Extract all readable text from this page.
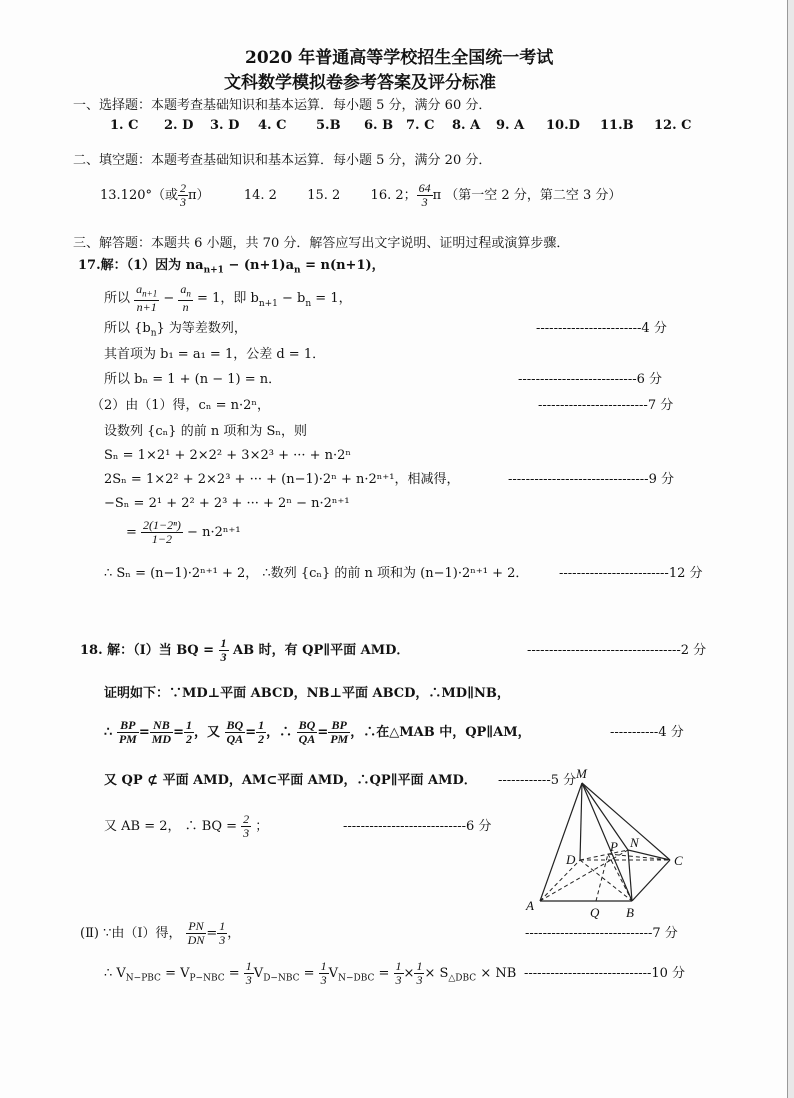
2020 年普通高等学校招生全国统一考试
文科数学模拟卷参考答案及评分标准
一、选择题：本题考查基础知识和基本运算．每小题 5 分，满分 60 分．
1. C 2. D 3. D 4. C 5.B 6. B 7. C 8. A 9. A 10.D 11.B 12. C
二、填空题：本题考查基础知识和基本运算．每小题 5 分，满分 20 分．
13.120°（或 $\frac{2}{3} \pi$）	14. 2 15. 2 16. 2； $\frac{64}{3}$ π （第一空 2 分，第二空 3 分）
三、解答题：本题共 6 小题，共 70 分．解答应写出文字说明、证明过程或演算步骤．
17.解：（1）因为 $na_{n+1} - (n+1)a_n = n(n+1)$，
所以 $\frac{a_{n+1}}{n+1} - \frac{a_n}{n} = 1$，即 $b_{n+1} - b_n = 1$，
所以 $\{b_n\}$ 为等差数列，	------------------------4 分
其首项为 b₁ = a₁ = 1，公差 d = 1．
所以 bₙ = 1 + (n − 1) = n．	---------------------------6 分
（2）由（1）得，cₙ = n·2ⁿ，	-------------------------7 分
设数列 {cₙ} 的前 n 项和为 Sₙ，则
Sₙ = 1×2¹ + 2×2² + 3×2³ + ··· + n·2ⁿ
2Sₙ = 1×2² + 2×2³ + ··· + (n−1)·2ⁿ + n·2ⁿ⁺¹，相减得，	--------------------------------9 分
−Sₙ = 2¹ + 2² + 2³ + ··· + 2ⁿ − n·2ⁿ⁺¹
= $\frac{\text{2(1−2ⁿ)}}{1-2} - n\cdot 2^{n+1}$
∴ Sₙ = (n−1)·2ⁿ⁺¹ + 2， ∴数列 {cₙ} 的前 n 项和为 (n−1)·2ⁿ⁺¹ + 2． -------------------------12 分
18. 解：（Ⅰ）当 BQ = $\frac{1}{3}$ AB 时，有 QP∥平面 AMD．	-----------------------------------2 分
证明如下：∵MD⊥平面 ABCD，NB⊥平面 ABCD，∴MD∥NB，
∴ $\frac{BP}{PM} = \frac{NB}{MD} = \frac{1}{2}$ ，又 $\frac{BQ}{QA} = \frac{1}{2}$ ，∴ $\frac{BQ}{QA} = \frac{BP}{PM}$ ，∴在△MAB 中，QP∥AM，	-----------4 分
又 QP ⊄ 平面 AMD，AM⊂平面 AMD，∴QP∥平面 AMD． ------------5 分
又 AB = 2， ∴ BQ = $\frac{2}{3}$ ；	----------------------------6 分
M
N
P
D	C
A	Q B
(Ⅱ) ∵由（Ⅰ）得， $\frac{PN}{DN} = \frac{1}{3}$ ，	-----------------------------7 分
∴ $V_{N-PBC} = V_{P-NBC} = \frac{1}{3} V_{D-NBC} = \frac{1}{3} V_{N-DBC} = \frac{1}{3} \times \frac{1}{3} \times S_{\triangle DBC}$ × NB -----------------------------10 分
